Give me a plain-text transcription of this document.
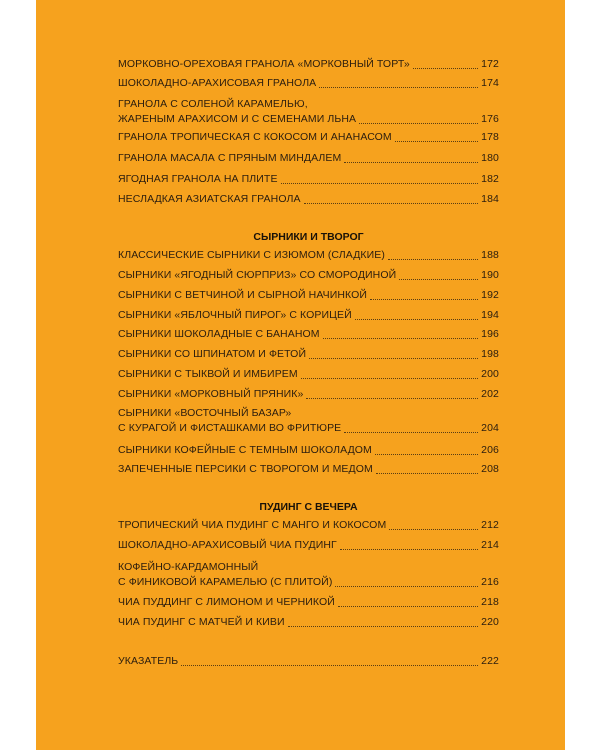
МОРКОВНО-ОРЕХОВАЯ ГРАНОЛА «МОРКОВНЫЙ ТОРТ»	172
ШОКОЛАДНО-АРАХИСОВАЯ ГРАНОЛА	174
ГРАНОЛА С СОЛЕНОЙ КАРАМЕЛЬЮ,
ЖАРЕНЫМ АРАХИСОМ И С СЕМЕНАМИ ЛЬНА	176
ГРАНОЛА ТРОПИЧЕСКАЯ С КОКОСОМ И АНАНАСОМ	178
ГРАНОЛА МАСАЛА С ПРЯНЫМ МИНДАЛЕМ	180
ЯГОДНАЯ ГРАНОЛА НА ПЛИТЕ	182
НЕСЛАДКАЯ АЗИАТСКАЯ ГРАНОЛА	184
СЫРНИКИ И ТВОРОГ
КЛАССИЧЕСКИЕ СЫРНИКИ С ИЗЮМОМ (СЛАДКИЕ)	188
СЫРНИКИ «ЯГОДНЫЙ СЮРПРИЗ» СО СМОРОДИНОЙ	190
СЫРНИКИ С ВЕТЧИНОЙ И СЫРНОЙ НАЧИНКОЙ	192
СЫРНИКИ «ЯБЛОЧНЫЙ ПИРОГ» С КОРИЦЕЙ	194
СЫРНИКИ ШОКОЛАДНЫЕ С БАНАНОМ	196
СЫРНИКИ СО ШПИНАТОМ И ФЕТОЙ	198
СЫРНИКИ С ТЫКВОЙ И ИМБИРЕМ	200
СЫРНИКИ «МОРКОВНЫЙ ПРЯНИК»	202
СЫРНИКИ «ВОСТОЧНЫЙ БАЗАР»
С КУРАГОЙ И ФИСТАШКАМИ ВО ФРИТЮРЕ	204
СЫРНИКИ КОФЕЙНЫЕ С ТЕМНЫМ ШОКОЛАДОМ	206
ЗАПЕЧЕННЫЕ ПЕРСИКИ С ТВОРОГОМ И МЕДОМ	208
ПУДИНГ С ВЕЧЕРА
ТРОПИЧЕСКИЙ ЧИА ПУДИНГ С МАНГО И КОКОСОМ	212
ШОКОЛАДНО-АРАХИСОВЫЙ ЧИА ПУДИНГ	214
КОФЕЙНО-КАРДАМОННЫЙ
С ФИНИКОВОЙ КАРАМЕЛЬЮ (С ПЛИТОЙ)	216
ЧИА ПУДДИНГ С ЛИМОНОМ И ЧЕРНИКОЙ	218
ЧИА ПУДИНГ С МАТЧЕЙ И КИВИ	220
УКАЗАТЕЛЬ	222
